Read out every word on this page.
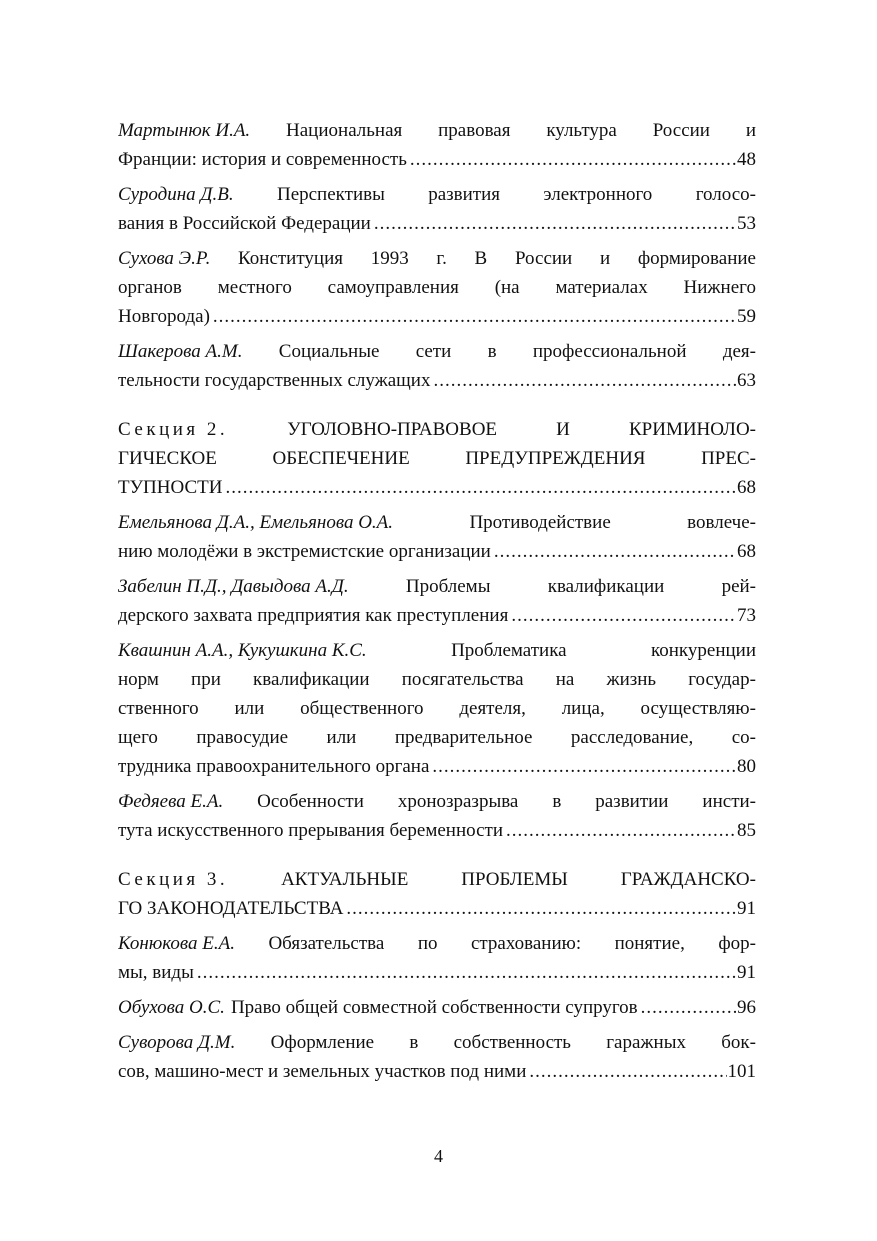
Мартынюк И.А. Национальная правовая культура России и
Франции: история и современность .....	48
Суродина Д.В. Перспективы развития электронного голосо-
вания в Российской Федерации .....	53
Сухова Э.Р. Конституция 1993 г. В России и формирование
органов местного самоуправления (на материалах Нижнего
Новгорода) .....	59
Шакерова А.М. Социальные сети в профессиональной дея-
тельности государственных служащих .....	63
Секция 2.	УГОЛОВНО-ПРАВОВОЕ	И	КРИМИНОЛО-
ГИЧЕСКОЕ	ОБЕСПЕЧЕНИЕ	ПРЕДУПРЕЖДЕНИЯ	ПРЕС-
ТУПНОСТИ .....	68
Емельянова Д.А., Емельянова О.А.	Противодействие	вовлече-
нию молодёжи в экстремистские организации .....	68
Забелин П.Д., Давыдова А.Д.	Проблемы	квалификации	рей-
дерского захвата предприятия как преступления .....	73
Квашнин А.А., Кукушкина К.С.	Проблематика	конкуренции
норм при квалификации посягательства на жизнь государ-
ственного или общественного деятеля, лица, осуществляю-
щего правосудие или предварительное расследование, со-
трудника правоохранительного органа .....	80
Федяева Е.А. Особенности хронозразрыва в развитии инсти-
тута искусственного прерывания беременности .....	85
Секция 3.	АКТУАЛЬНЫЕ	ПРОБЛЕМЫ	ГРАЖДАНСКО-
ГО ЗАКОНОДАТЕЛЬСТВА .....	91
Конюкова Е.А. Обязательства по страхованию: понятие, фор-
мы, виды .....	91
Обухова О.С. Право общей совместной собственности супругов .....	96
Суворова Д.М. Оформление в собственность гаражных бок-
сов, машино-мест и земельных участков под ними .....	101
4
